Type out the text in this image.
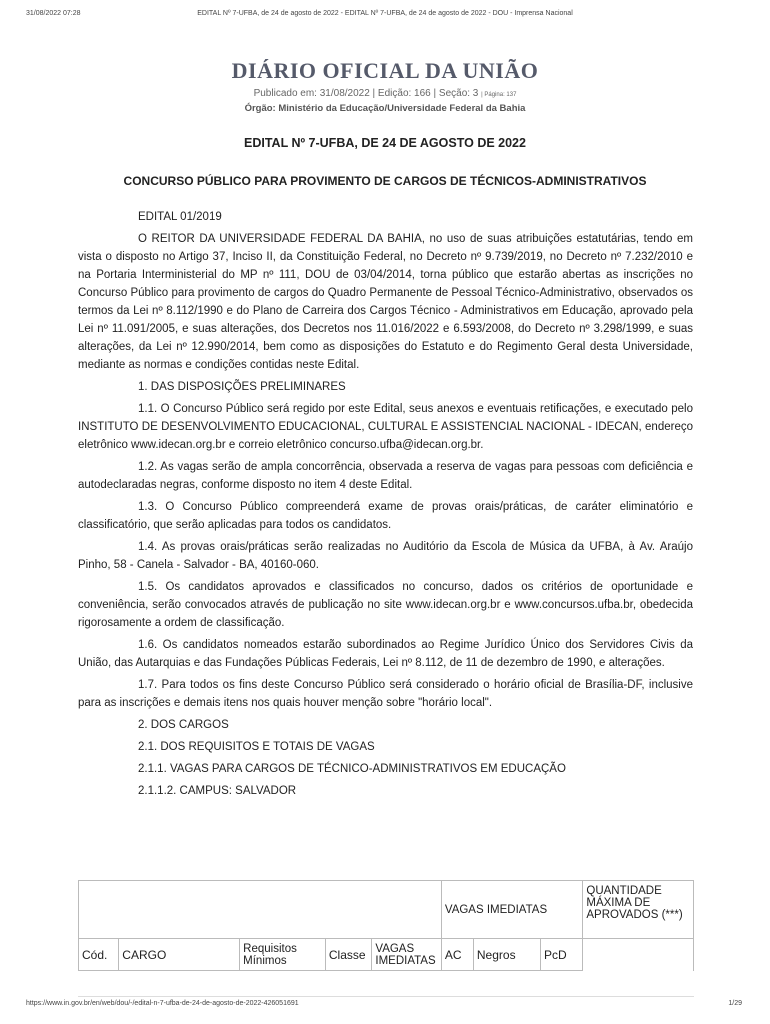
31/08/2022 07:28	EDITAL Nº 7-UFBA, de 24 de agosto de 2022 - EDITAL Nº 7-UFBA, de 24 de agosto de 2022 - DOU - Imprensa Nacional
DIÁRIO OFICIAL DA UNIÃO
Publicado em: 31/08/2022 | Edição: 166 | Seção: 3 | Página: 137
Órgão: Ministério da Educação/Universidade Federal da Bahia
EDITAL Nº 7-UFBA, DE 24 DE AGOSTO DE 2022
CONCURSO PÚBLICO PARA PROVIMENTO DE CARGOS DE TÉCNICOS-ADMINISTRATIVOS

EDITAL 01/2019

O REITOR DA UNIVERSIDADE FEDERAL DA BAHIA, no uso de suas atribuições estatutárias, tendo em vista o disposto no Artigo 37, Inciso II, da Constituição Federal, no Decreto nº 9.739/2019, no Decreto nº 7.232/2010 e na Portaria Interministerial do MP nº 111, DOU de 03/04/2014, torna público que estarão abertas as inscrições no Concurso Público para provimento de cargos do Quadro Permanente de Pessoal Técnico-Administrativo, observados os termos da Lei nº 8.112/1990 e do Plano de Carreira dos Cargos Técnico - Administrativos em Educação, aprovado pela Lei nº 11.091/2005, e suas alterações, dos Decretos nos 11.016/2022 e 6.593/2008, do Decreto nº 3.298/1999, e suas alterações, da Lei nº 12.990/2014, bem como as disposições do Estatuto e do Regimento Geral desta Universidade, mediante as normas e condições contidas neste Edital.

1. DAS DISPOSIÇÕES PRELIMINARES

1.1. O Concurso Público será regido por este Edital, seus anexos e eventuais retificações, e executado pelo INSTITUTO DE DESENVOLVIMENTO EDUCACIONAL, CULTURAL E ASSISTENCIAL NACIONAL - IDECAN, endereço eletrônico www.idecan.org.br e correio eletrônico concurso.ufba@idecan.org.br.

1.2. As vagas serão de ampla concorrência, observada a reserva de vagas para pessoas com deficiência e autodeclaradas negras, conforme disposto no item 4 deste Edital.

1.3. O Concurso Público compreenderá exame de provas orais/práticas, de caráter eliminatório e classificatório, que serão aplicadas para todos os candidatos.

1.4. As provas orais/práticas serão realizadas no Auditório da Escola de Música da UFBA, à Av. Araújo Pinho, 58 - Canela - Salvador - BA, 40160-060.

1.5. Os candidatos aprovados e classificados no concurso, dados os critérios de oportunidade e conveniência, serão convocados através de publicação no site www.idecan.org.br e www.concursos.ufba.br, obedecida rigorosamente a ordem de classificação.

1.6. Os candidatos nomeados estarão subordinados ao Regime Jurídico Único dos Servidores Civis da União, das Autarquias e das Fundações Públicas Federais, Lei nº 8.112, de 11 de dezembro de 1990, e alterações.

1.7. Para todos os fins deste Concurso Público será considerado o horário oficial de Brasília-DF, inclusive para as inscrições e demais itens nos quais houver menção sobre "horário local".

2. DOS CARGOS

2.1. DOS REQUISITOS E TOTAIS DE VAGAS

2.1.1. VAGAS PARA CARGOS DE TÉCNICO-ADMINISTRATIVOS EM EDUCAÇÃO

2.1.1.2. CAMPUS: SALVADOR

					VAGAS IMEDIATAS			QUANTIDADE MÁXIMA DE APROVADOS (***)
Cód.	CARGO	Requisitos Mínimos	Classe	VAGAS IMEDIATAS	AC	Negros	PcD	
https://www.in.gov.br/en/web/dou/-/edital-n-7-ufba-de-24-de-agosto-de-2022-426051691	1/29
